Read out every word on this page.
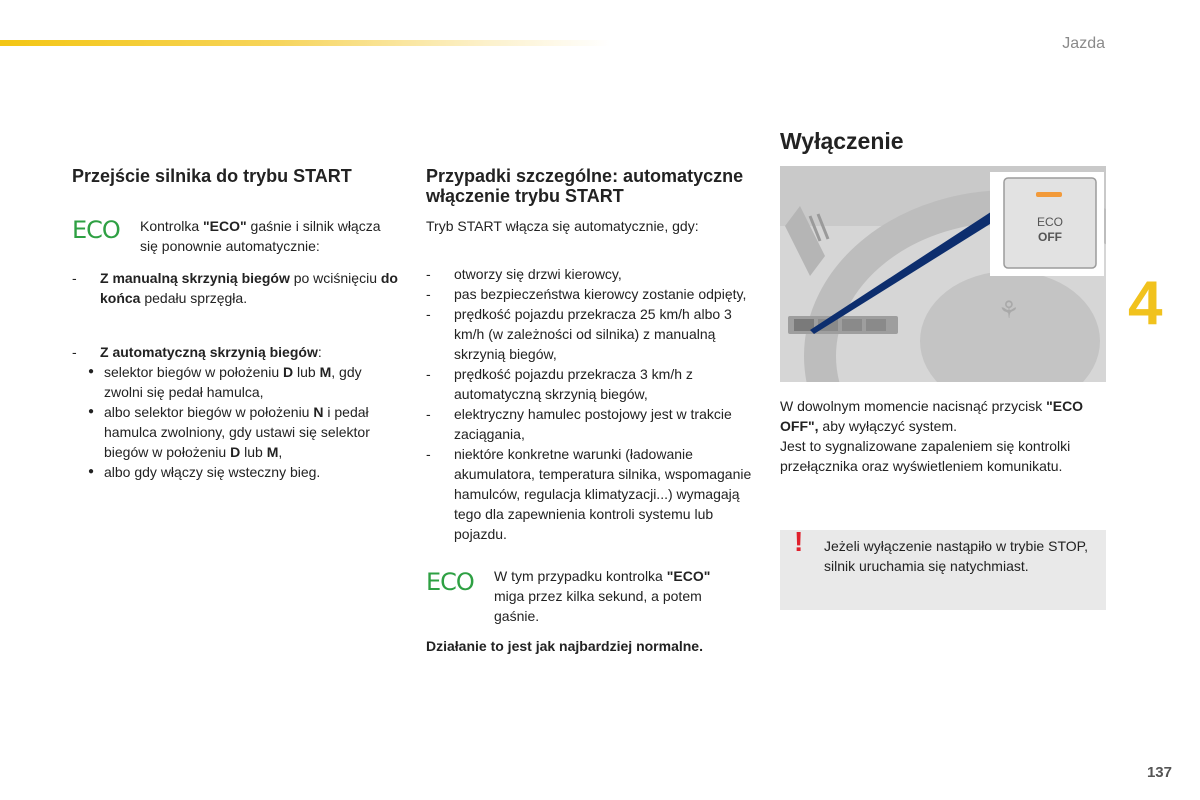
Jazda
4
137
Przejście silnika do trybu START
ECO Kontrolka "ECO" gaśnie i silnik włącza się ponownie automatycznie:
- Z manualną skrzynią biegów po wciśnięciu do końca pedału sprzęgła.
- Z automatyczną skrzynią biegów:
● selektor biegów w położeniu D lub M, gdy zwolni się pedał hamulca,
● albo selektor biegów w położeniu N i pedał hamulca zwolniony, gdy ustawi się selektor biegów w położeniu D lub M,
● albo gdy włączy się wsteczny bieg.
Przypadki szczególne: automatyczne włączenie trybu START
Tryb START włącza się automatycznie, gdy:
- otworzy się drzwi kierowcy,
- pas bezpieczeństwa kierowcy zostanie odpięty,
- prędkość pojazdu przekracza 25 km/h albo 3 km/h (w zależności od silnika) z manualną skrzynią biegów,
- prędkość pojazdu przekracza 3 km/h z automatyczną skrzynią biegów,
- elektryczny hamulec postojowy jest w trakcie zaciągania,
- niektóre konkretne warunki (ładowanie akumulatora, temperatura silnika, wspomaganie hamulców, regulacja klimatyzacji...) wymagają tego dla zapewnienia kontroli systemu lub pojazdu.
ECO W tym przypadku kontrolka "ECO" miga przez kilka sekund, a potem gaśnie.
Działanie to jest jak najbardziej normalne.
Wyłączenie
⚘
ECO
OFF
W dowolnym momencie nacisnąć przycisk "ECO OFF", aby wyłączyć system.
Jest to sygnalizowane zapaleniem się kontrolki przełącznika oraz wyświetleniem komunikatu.
! Jeżeli wyłączenie nastąpiło w trybie STOP, silnik uruchamia się natychmiast.
